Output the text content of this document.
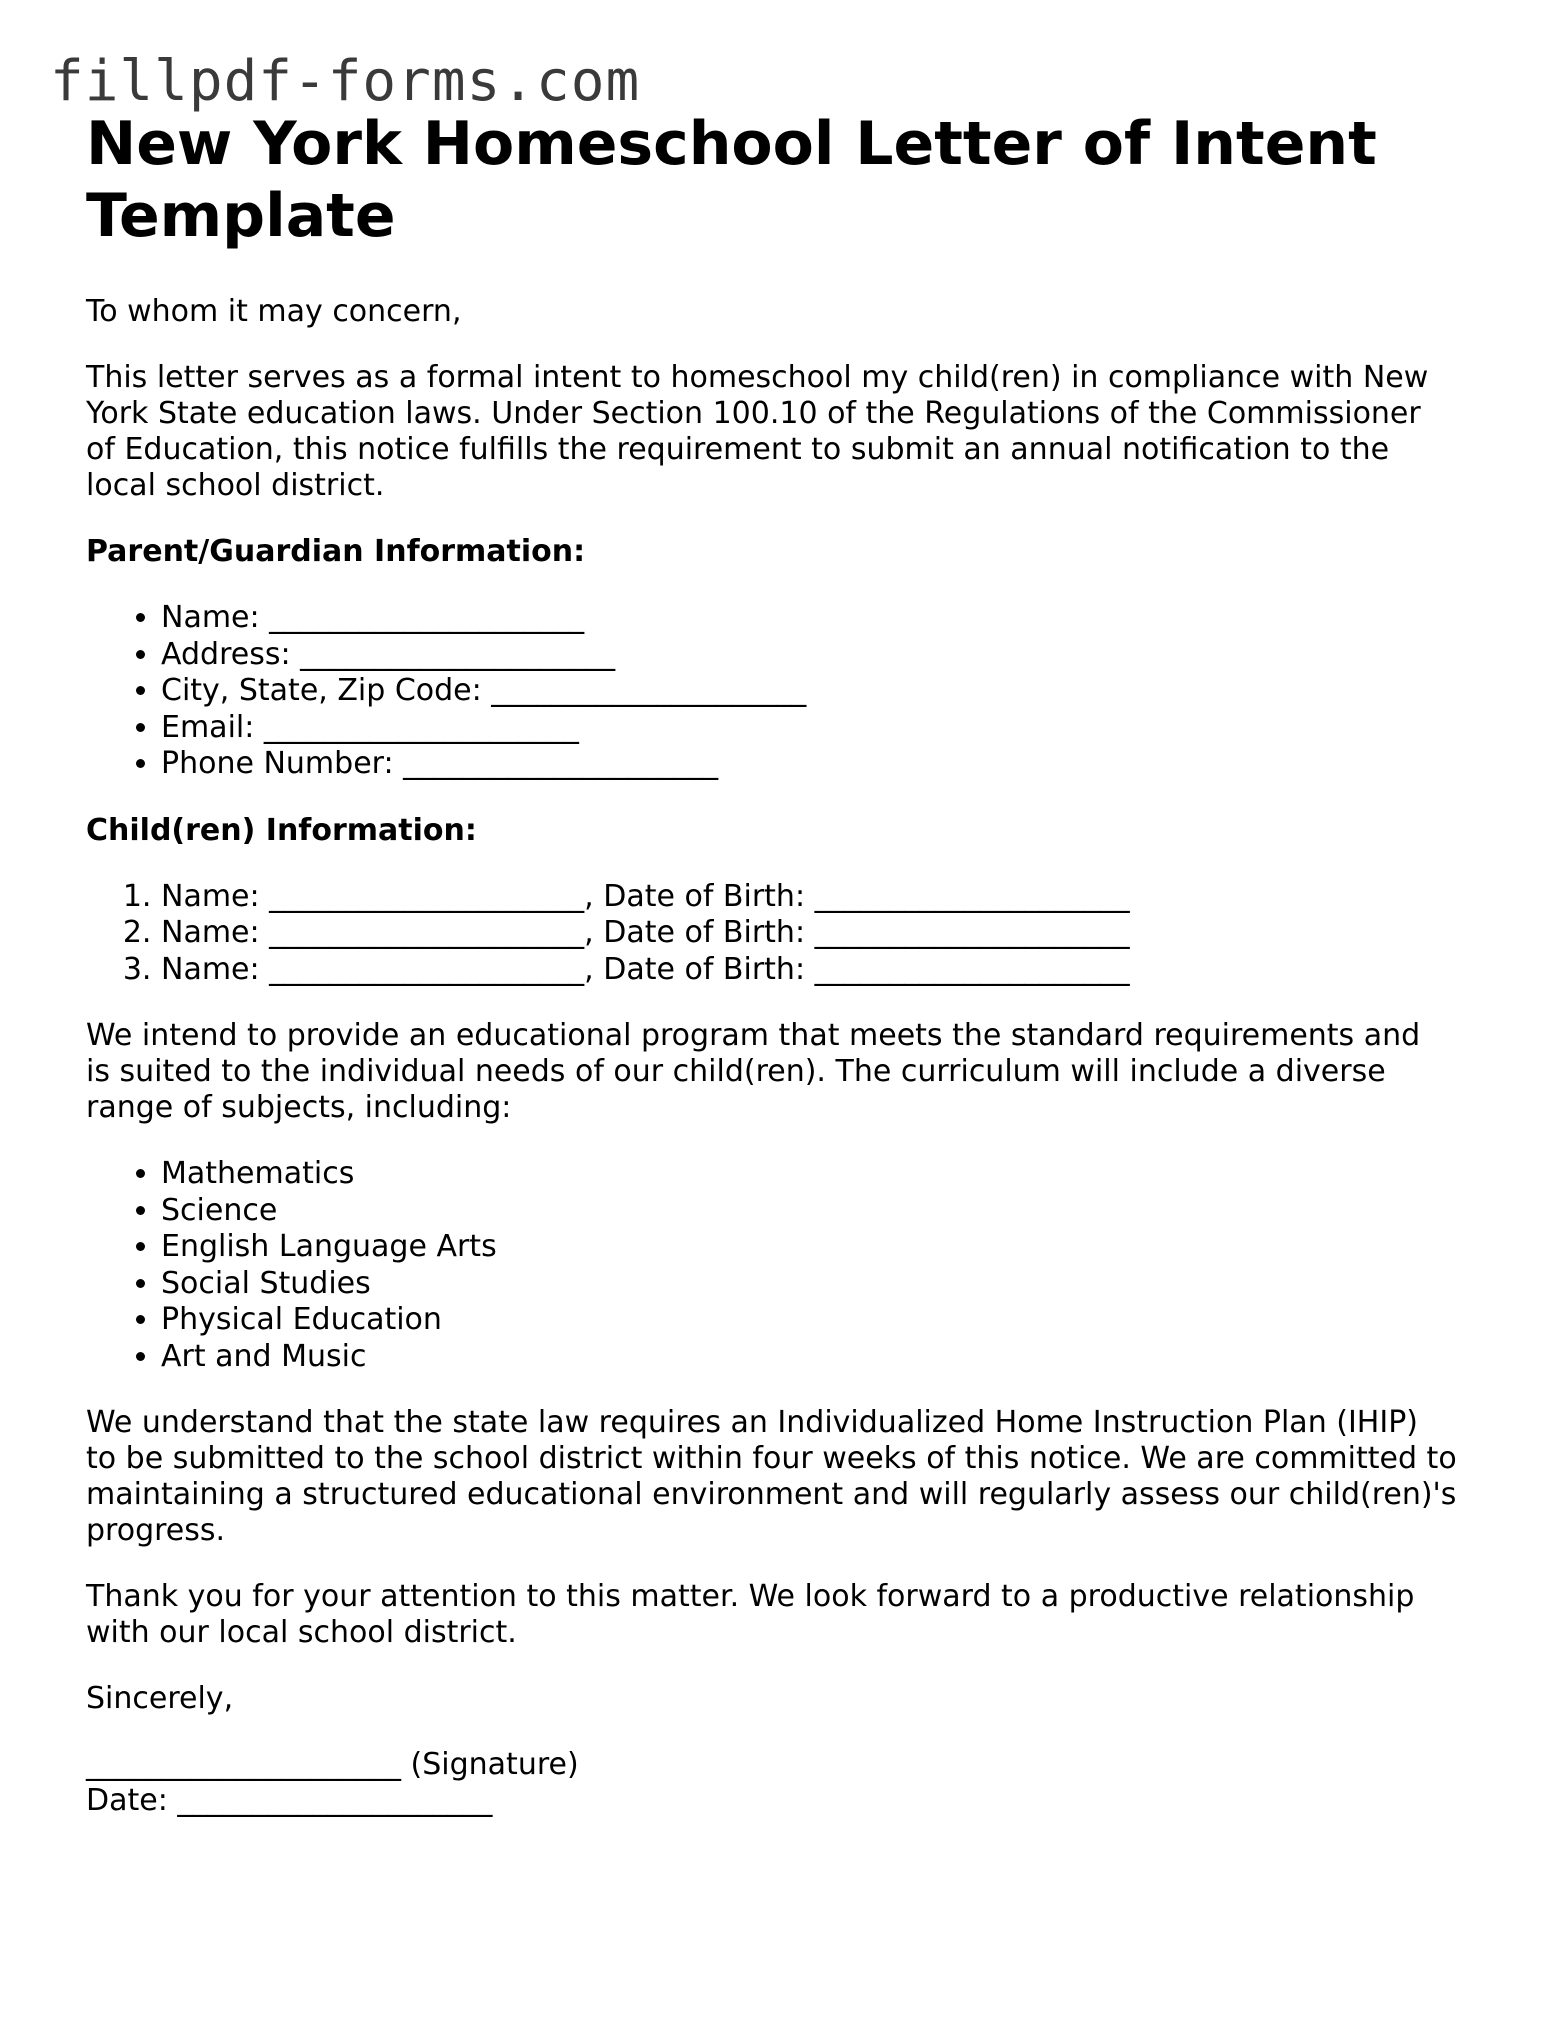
fillpdf-forms.com
New York Homeschool Letter of Intent Template

To whom it may concern,

This letter serves as a formal intent to homeschool my child(ren) in compliance with New
York State education laws. Under Section 100.10 of the Regulations of the Commissioner
of Education, this notice fulfills the requirement to submit an annual notification to the
local school district.

Parent/Guardian Information:
• Name: _____________________
• Address: _____________________
• City, State, Zip Code: _____________________
• Email: _____________________
• Phone Number: _____________________
Child(ren) Information:
1. Name: _____________________, Date of Birth: _____________________
2. Name: _____________________, Date of Birth: _____________________
3. Name: _____________________, Date of Birth: _____________________

We intend to provide an educational program that meets the standard requirements and
is suited to the individual needs of our child(ren). The curriculum will include a diverse
range of subjects, including:

• Mathematics
• Science
• English Language Arts
• Social Studies
• Physical Education
• Art and Music

We understand that the state law requires an Individualized Home Instruction Plan (IHIP)
to be submitted to the school district within four weeks of this notice. We are committed to
maintaining a structured educational environment and will regularly assess our child(ren)'s
progress.

Thank you for your attention to this matter. We look forward to a productive relationship
with our local school district.

Sincerely,

_____________________ (Signature)
Date: _____________________
